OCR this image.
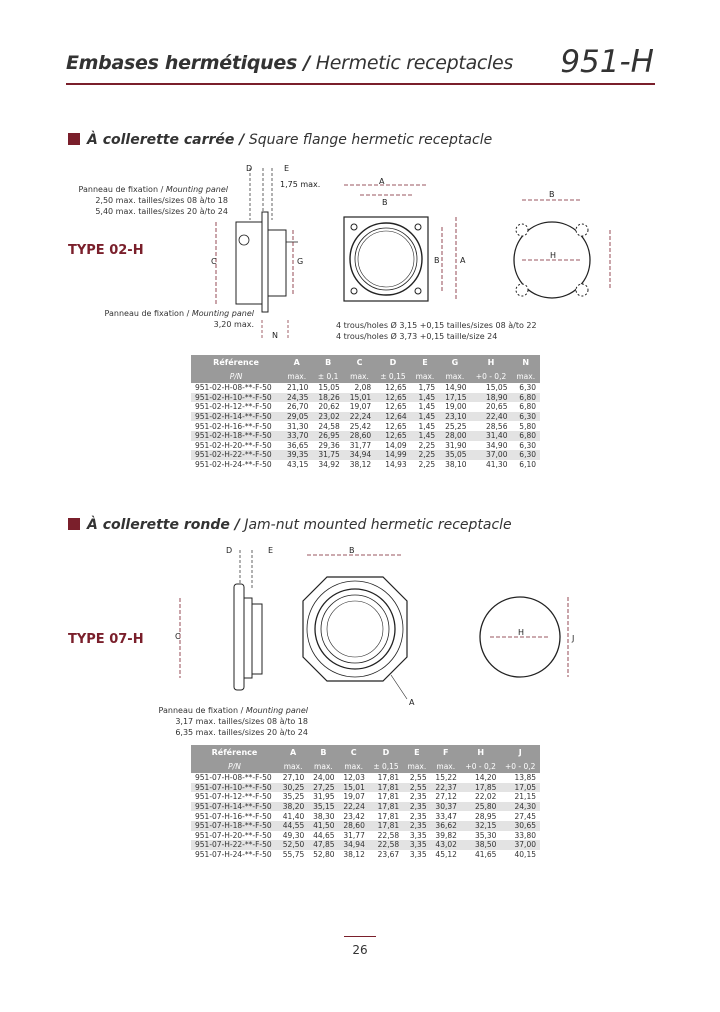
Embases hermétiques / Hermetic receptacles 951-H
À collerette carrée / Square flange hermetic receptacle
TYPE 02-H
Panneau de fixation / Mounting panel
2,50 max. tailles/sizes 08 à/to 18
5,40 max. tailles/sizes 20 à/to 24
Panneau de fixation / Mounting panel
3,20 max.	4 trous/holes Ø 3,15 +0,15 tailles/sizes 08 à/to 22
4 trous/holes Ø 3,73 +0,15 taille/size 24
D	E
1,75 max.
C	G
N
A
B
A
B
B
H
Référence	A	B	C	D	E	G	H	N
P/N	max.	± 0,1	max.	± 0,15	max.	max.	+0 - 0,2	max.
951-02-H-08-**-F-50	21,10	15,05	2,08	12,65	1,75	14,90	15,05	6,30
951-02-H-10-**-F-50	24,35	18,26	15,01	12,65	1,45	17,15	18,90	6,80
951-02-H-12-**-F-50	26,70	20,62	19,07	12,65	1,45	19,00	20,65	6,80
951-02-H-14-**-F-50	29,05	23,02	22,24	12,64	1,45	23,10	22,40	6,30
951-02-H-16-**-F-50	31,30	24,58	25,42	12,65	1,45	25,25	28,56	5,80
951-02-H-18-**-F-50	33,70	26,95	28,60	12,65	1,45	28,00	31,40	6,80
951-02-H-20-**-F-50	36,65	29,36	31,77	14,09	2,25	31,90	34,90	6,30
951-02-H-22-**-F-50	39,35	31,75	34,94	14,99	2,25	35,05	37,00	6,30
951-02-H-24-**-F-50	43,15	34,92	38,12	14,93	2,25	38,10	41,30	6,10
À collerette ronde / Jam-nut mounted hermetic receptacle
TYPE 07-H
Panneau de fixation / Mounting panel
3,17 max. tailles/sizes 08 à/to 18
6,35 max. tailles/sizes 20 à/to 24
D	E
C
B
A
H
J
Référence	A	B	C	D	E	F	H	J
P/N	max.	max.	max.	± 0,15	max.	max.	+0 - 0,2	+0 - 0,2
951-07-H-08-**-F-50	27,10	24,00	12,03	17,81	2,55	15,22	14,20	13,85
951-07-H-10-**-F-50	30,25	27,25	15,01	17,81	2,55	22,37	17,85	17,05
951-07-H-12-**-F-50	35,25	31,95	19,07	17,81	2,35	27,12	22,02	21,15
951-07-H-14-**-F-50	38,20	35,15	22,24	17,81	2,35	30,37	25,80	24,30
951-07-H-16-**-F-50	41,40	38,30	23,42	17,81	2,35	33,47	28,95	27,45
951-07-H-18-**-F-50	44,55	41,50	28,60	17,81	2,35	36,62	32,15	30,65
951-07-H-20-**-F-50	49,30	44,65	31,77	22,58	3,35	39,82	35,30	33,80
951-07-H-22-**-F-50	52,50	47,85	34,94	22,58	3,35	43,02	38,50	37,00
951-07-H-24-**-F-50	55,75	52,80	38,12	23,67	3,35	45,12	41,65	40,15
26
